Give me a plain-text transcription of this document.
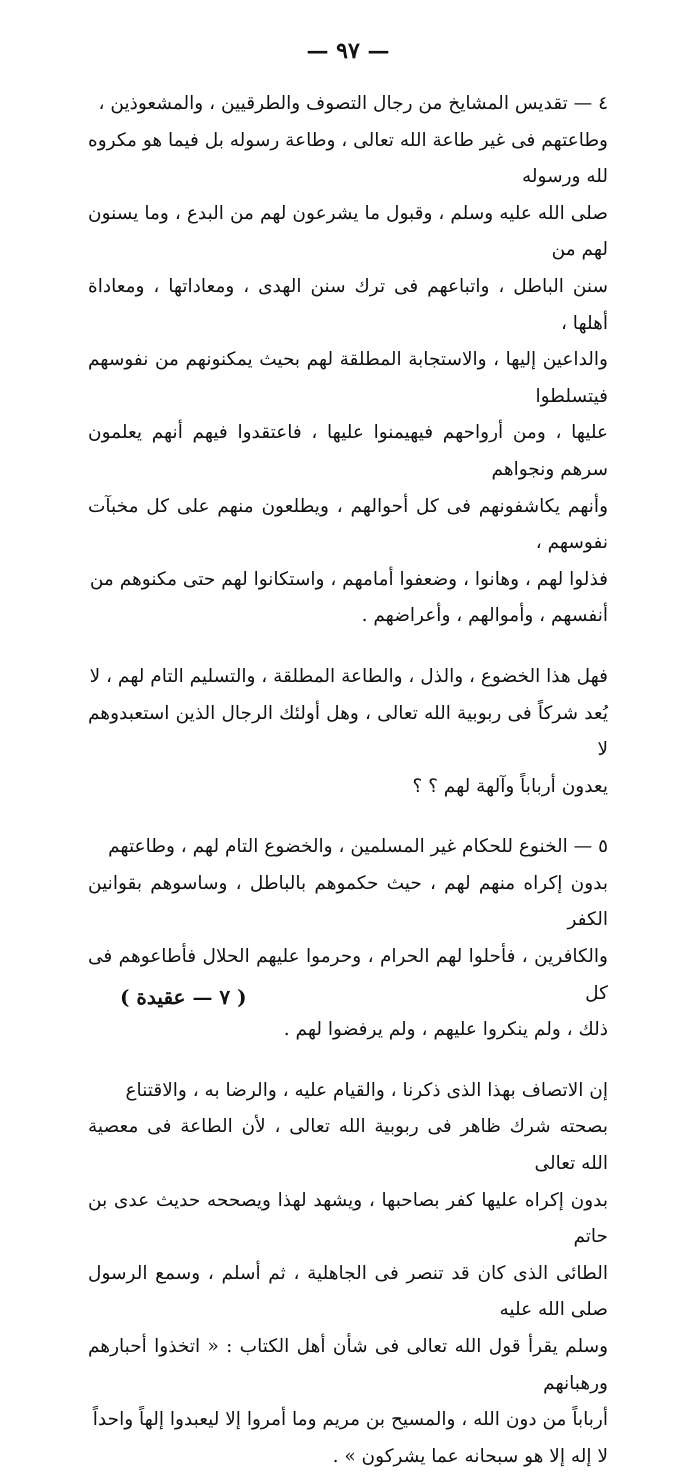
— ٩٧ —
٤ — تقديس المشايخ من رجال التصوف والطرقيين ، والمشعوذين ،
وطاعتهم فى غير طاعة الله تعالى ، وطاعة رسوله بل فيما هو مكروه لله ورسوله
صلى الله عليه وسلم ، وقبول ما يشرعون لهم من البدع ، وما يسنون لهم من
سنن الباطل ، واتباعهم فى ترك سنن الهدى ، ومعاداتها ، ومعاداة أهلها ،
والداعين إليها ، والاستجابة المطلقة لهم بحيث يمكنونهم من نفوسهم فيتسلطوا
عليها ، ومن أرواحهم فيهيمنوا عليها ، فاعتقدوا فيهم أنهم يعلمون سرهم ونجواهم
وأنهم يكاشفونهم فى كل أحوالهم ، ويطلعون منهم على كل مخبآت نفوسهم ،
فذلوا لهم ، وهانوا ، وضعفوا أمامهم ، واستكانوا لهم حتى مكنوهم من
أنفسهم ، وأموالهم ، وأعراضهم .
فهل هذا الخضوع ، والذل ، والطاعة المطلقة ، والتسليم التام لهم ، لا
يُعد شركاً فى ربوبية الله تعالى ، وهل أولئك الرجال الذين استعبدوهم لا
يعدون أرباباً وآلهة لهم ؟ ؟
٥ — الخنوع للحكام غير المسلمين ، والخضوع التام لهم ، وطاعتهم
بدون إكراه منهم لهم ، حيث حكموهم بالباطل ، وساسوهم بقوانين الكفر
والكافرين ، فأحلوا لهم الحرام ، وحرموا عليهم الحلال فأطاعوهم فى كل
ذلك ، ولم ينكروا عليهم ، ولم يرفضوا لهم .
إن الاتصاف بهذا الذى ذكرنا ، والقيام عليه ، والرضا به ، والاقتناع
بصحته شرك ظاهر فى ربوبية الله تعالى ، لأن الطاعة فى معصية الله تعالى
بدون إكراه عليها كفر بصاحبها ، ويشهد لهذا ويصححه حديث عدى بن حاتم
الطائى الذى كان قد تنصر فى الجاهلية ، ثم أسلم ، وسمع الرسول صلى الله عليه
وسلم يقرأ قول الله تعالى فى شأن أهل الكتاب : « اتخذوا أحبارهم ورهبانهم
أرباباً من دون الله ، والمسيح بن مريم وما أمروا إلا ليعبدوا إلهاً واحداً
لا إله إلا هو سبحانه عما يشركون » .
( ٧ — عقيدة )
